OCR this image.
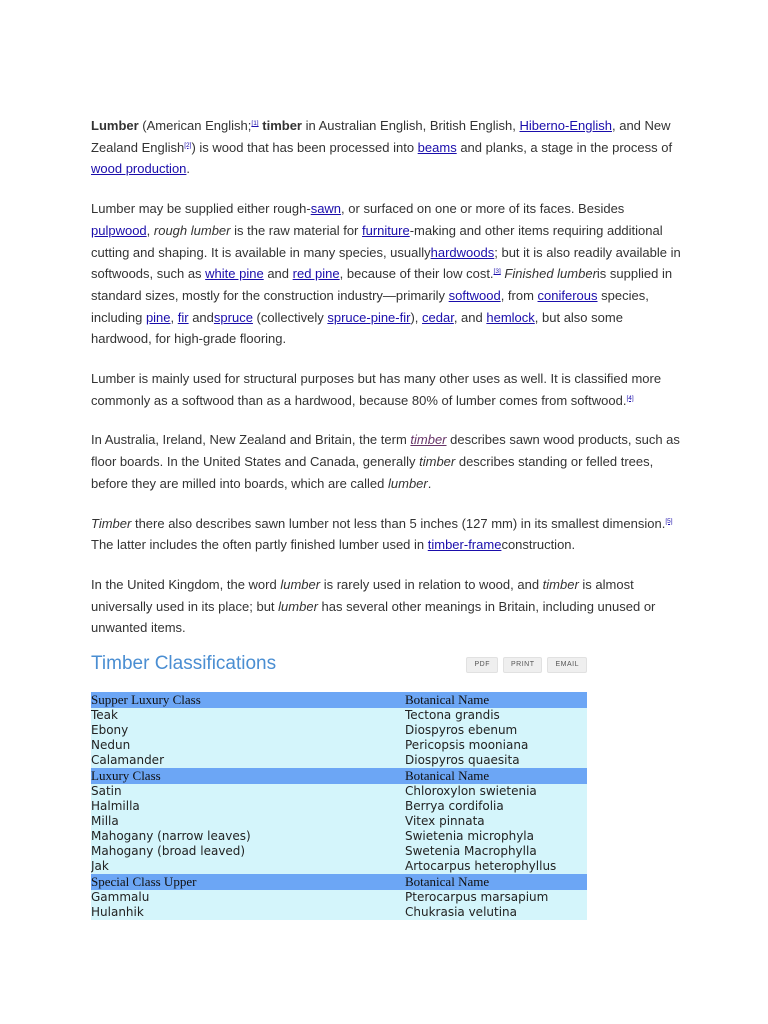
Lumber (American English;[1] timber in Australian English, British English, Hiberno-English, and New Zealand English[2]) is wood that has been processed into beams and planks, a stage in the process of wood production.

Lumber may be supplied either rough-sawn, or surfaced on one or more of its faces. Besides pulpwood, rough lumber is the raw material for furniture-making and other items requiring additional cutting and shaping. It is available in many species, usuallyhardwoods; but it is also readily available in softwoods, such as white pine and red pine, because of their low cost.[3] Finished lumberis supplied in standard sizes, mostly for the construction industry—primarily softwood, from coniferous species, including pine, fir andspruce (collectively spruce-pine-fir), cedar, and hemlock, but also some hardwood, for high-grade flooring.

Lumber is mainly used for structural purposes but has many other uses as well. It is classified more commonly as a softwood than as a hardwood, because 80% of lumber comes from softwood.[4]

In Australia, Ireland, New Zealand and Britain, the term timber describes sawn wood products, such as floor boards. In the United States and Canada, generally timber describes standing or felled trees, before they are milled into boards, which are called lumber.

Timber there also describes sawn lumber not less than 5 inches (127 mm) in its smallest dimension.[5] The latter includes the often partly finished lumber used in timber-frameconstruction.

In the United Kingdom, the word lumber is rarely used in relation to wood, and timber is almost universally used in its place; but lumber has several other meanings in Britain, including unused or unwanted items.

Timber Classifications	PDF	PRINT	EMAIL
Supper Luxury Class	Botanical Name
Teak	Tectona grandis
Ebony	Diospyros ebenum
Nedun	Pericopsis mooniana
Calamander	Diospyros quaesita
Luxury Class	Botanical Name
Satin	Chloroxylon swietenia
Halmilla	Berrya cordifolia
Milla	Vitex pinnata
Mahogany (narrow leaves)	Swietenia microphyla
Mahogany (broad leaved)	Swetenia Macrophylla
Jak	Artocarpus heterophyllus
Special Class Upper	Botanical Name
Gammalu	Pterocarpus marsapium
Hulanhik	Chukrasia velutina
